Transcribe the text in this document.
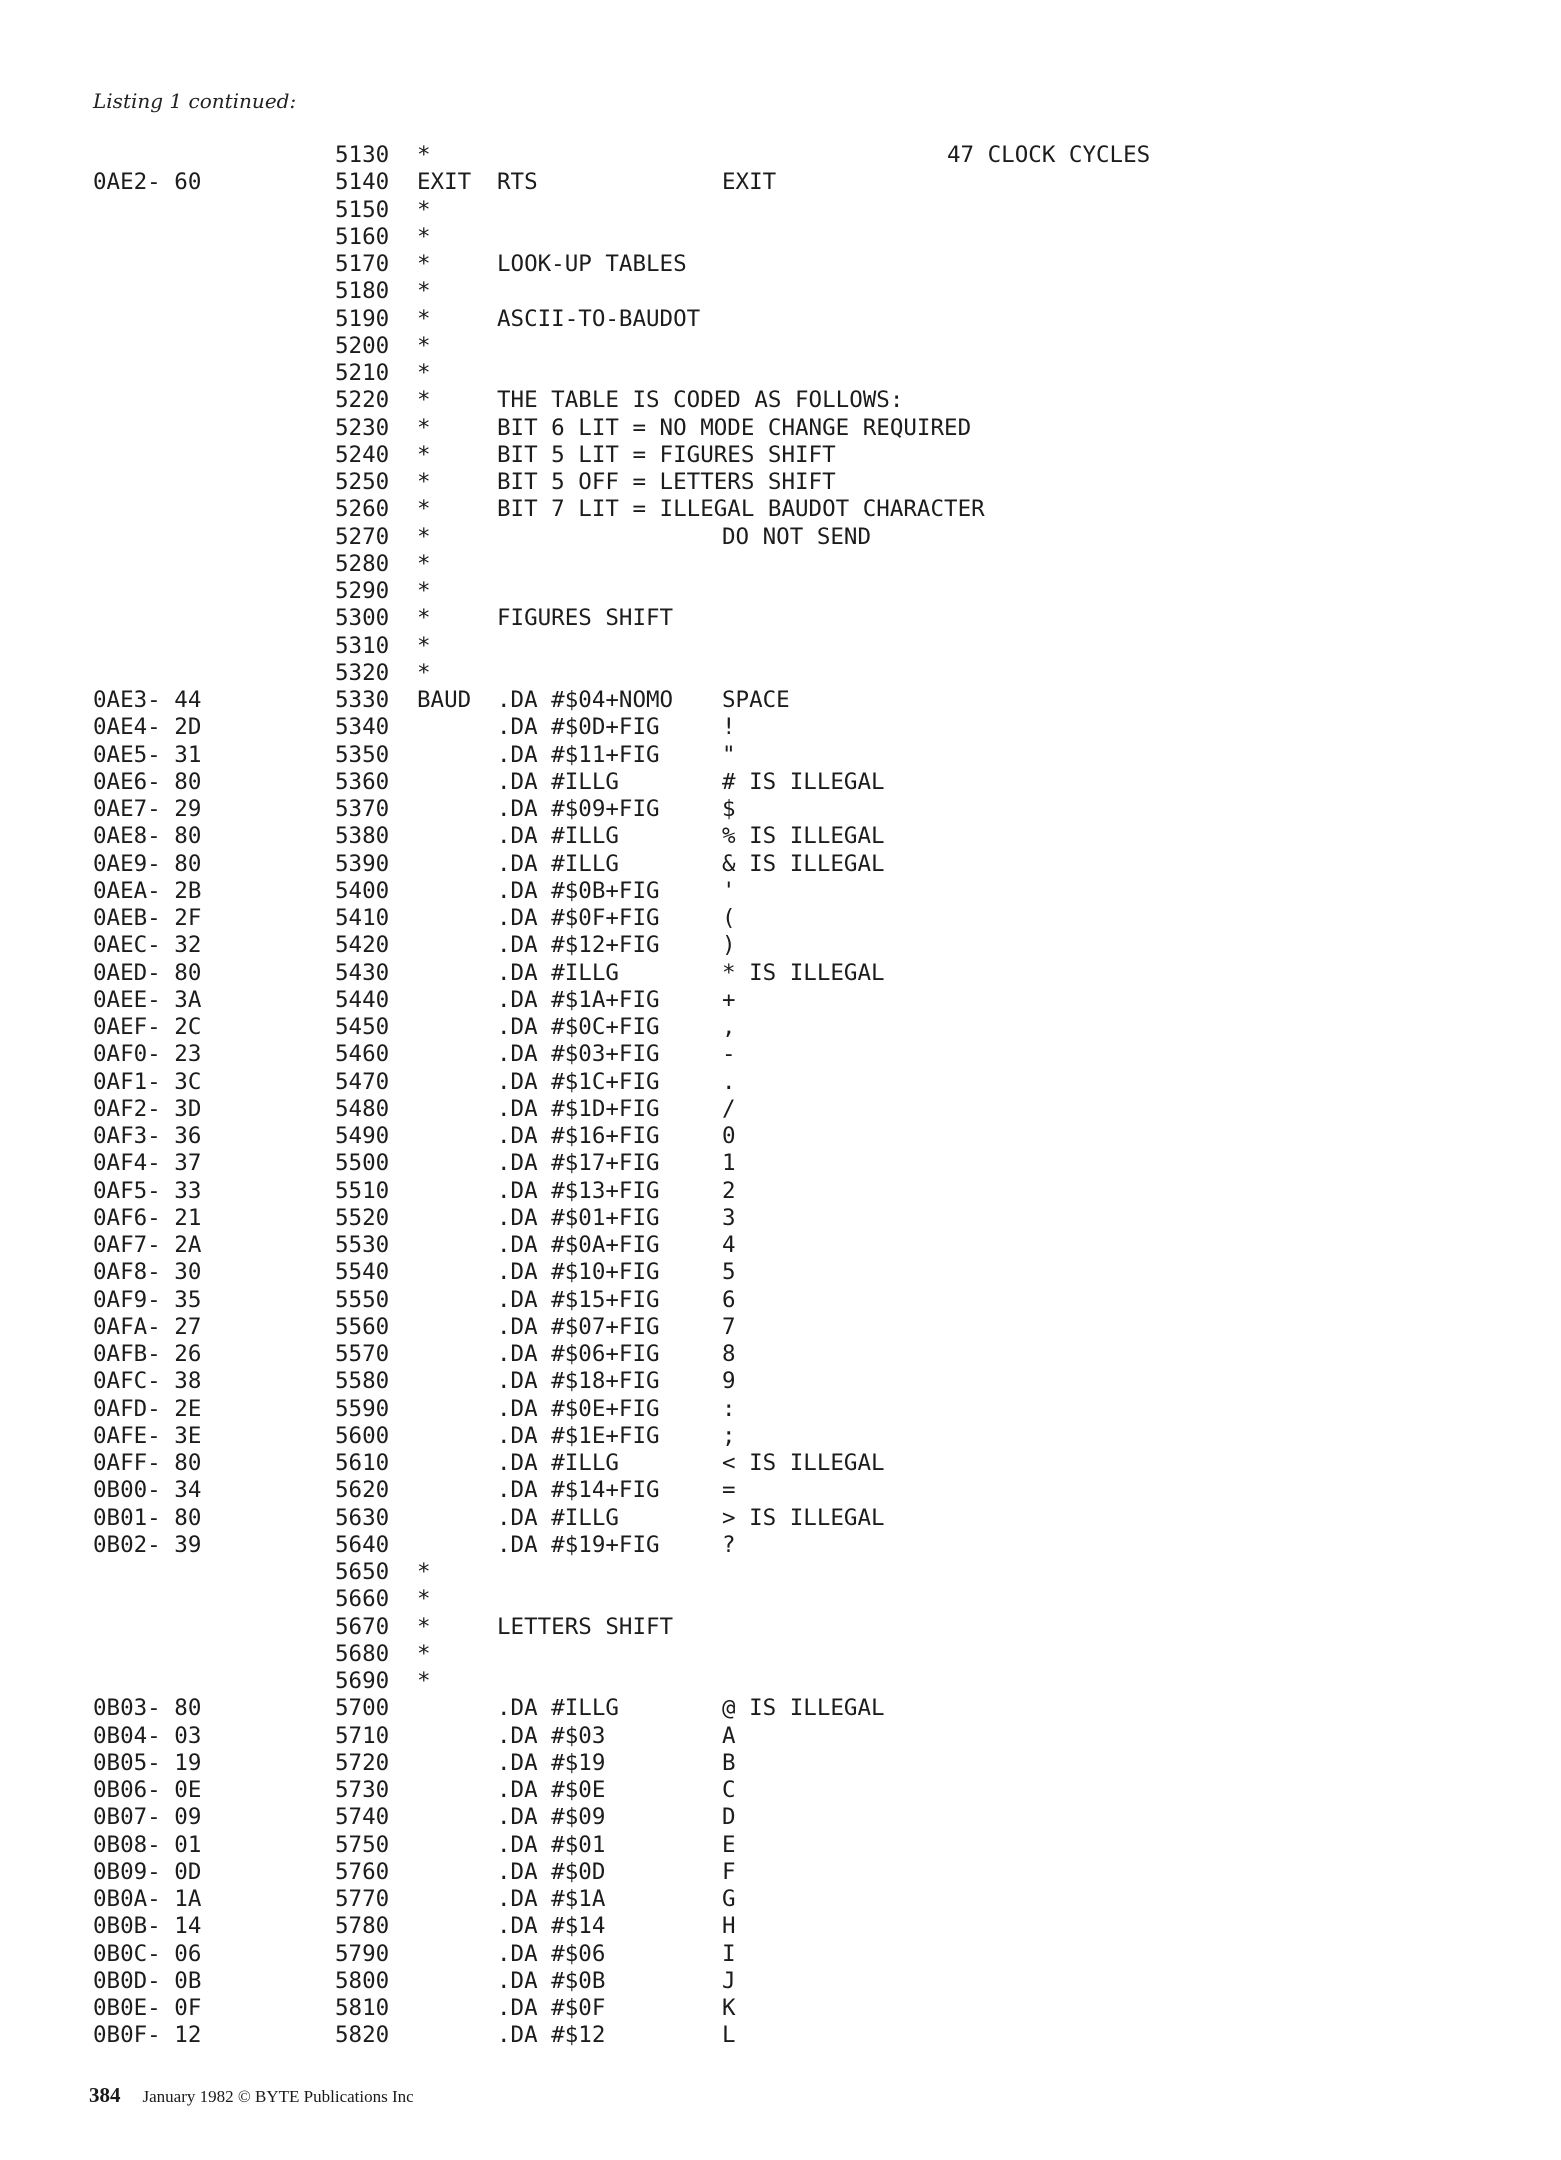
Listing 1 continued:
5130 *	47 CLOCK CYCLES
0AE2- 60	5140 EXIT RTS	EXIT
5150 *
5160 *
5170 *	LOOK-UP TABLES
5180 *
5190 *	ASCII-TO-BAUDOT
5200 *
5210 *
5220 *	THE TABLE IS CODED AS FOLLOWS:
5230 *	BIT 6 LIT = NO MODE CHANGE REQUIRED
5240 *	BIT 5 LIT = FIGURES SHIFT
5250 *	BIT 5 OFF = LETTERS SHIFT
5260 *	BIT 7 LIT = ILLEGAL BAUDOT CHARACTER
5270 *	DO NOT SEND
5280 *
5290 *
5300 *	FIGURES SHIFT
5310 *
5320 *
0AE3- 44	5330 BAUD .DA #$04+NOMO SPACE
0AE4- 2D	5340	.DA #$0D+FIG	!
0AE5- 31	5350	.DA #$11+FIG	"
0AE6- 80	5360	.DA #ILLG	# IS ILLEGAL
0AE7- 29	5370	.DA #$09+FIG	$
0AE8- 80	5380	.DA #ILLG	% IS ILLEGAL
0AE9- 80	5390	.DA #ILLG	& IS ILLEGAL
0AEA- 2B	5400	.DA #$0B+FIG	'
0AEB- 2F	5410	.DA #$0F+FIG	(
0AEC- 32	5420	.DA #$12+FIG	)
0AED- 80	5430	.DA #ILLG	* IS ILLEGAL
0AEE- 3A	5440	.DA #$1A+FIG	+
0AEF- 2C	5450	.DA #$0C+FIG	,
0AF0- 23	5460	.DA #$03+FIG	-
0AF1- 3C	5470	.DA #$1C+FIG	.
0AF2- 3D	5480	.DA #$1D+FIG	/
0AF3- 36	5490	.DA #$16+FIG	0
0AF4- 37	5500	.DA #$17+FIG	1
0AF5- 33	5510	.DA #$13+FIG	2
0AF6- 21	5520	.DA #$01+FIG	3
0AF7- 2A	5530	.DA #$0A+FIG	4
0AF8- 30	5540	.DA #$10+FIG	5
0AF9- 35	5550	.DA #$15+FIG	6
0AFA- 27	5560	.DA #$07+FIG	7
0AFB- 26	5570	.DA #$06+FIG	8
0AFC- 38	5580	.DA #$18+FIG	9
0AFD- 2E	5590	.DA #$0E+FIG	:
0AFE- 3E	5600	.DA #$1E+FIG	;
0AFF- 80	5610	.DA #ILLG	< IS ILLEGAL
0B00- 34	5620	.DA #$14+FIG	=
0B01- 80	5630	.DA #ILLG	> IS ILLEGAL
0B02- 39	5640	.DA #$19+FIG	?
5650 *
5660 *
5670 *	LETTERS SHIFT
5680 *
5690 *
0B03- 80	5700	.DA #ILLG	@ IS ILLEGAL
0B04- 03	5710	.DA #$03	A
0B05- 19	5720	.DA #$19	B
0B06- 0E	5730	.DA #$0E	C
0B07- 09	5740	.DA #$09	D
0B08- 01	5750	.DA #$01	E
0B09- 0D	5760	.DA #$0D	F
0B0A- 1A	5770	.DA #$1A	G
0B0B- 14	5780	.DA #$14	H
0B0C- 06	5790	.DA #$06	I
0B0D- 0B	5800	.DA #$0B	J
0B0E- 0F	5810	.DA #$0F	K
0B0F- 12	5820	.DA #$12	L
384 January 1982 © BYTE Publications Inc
